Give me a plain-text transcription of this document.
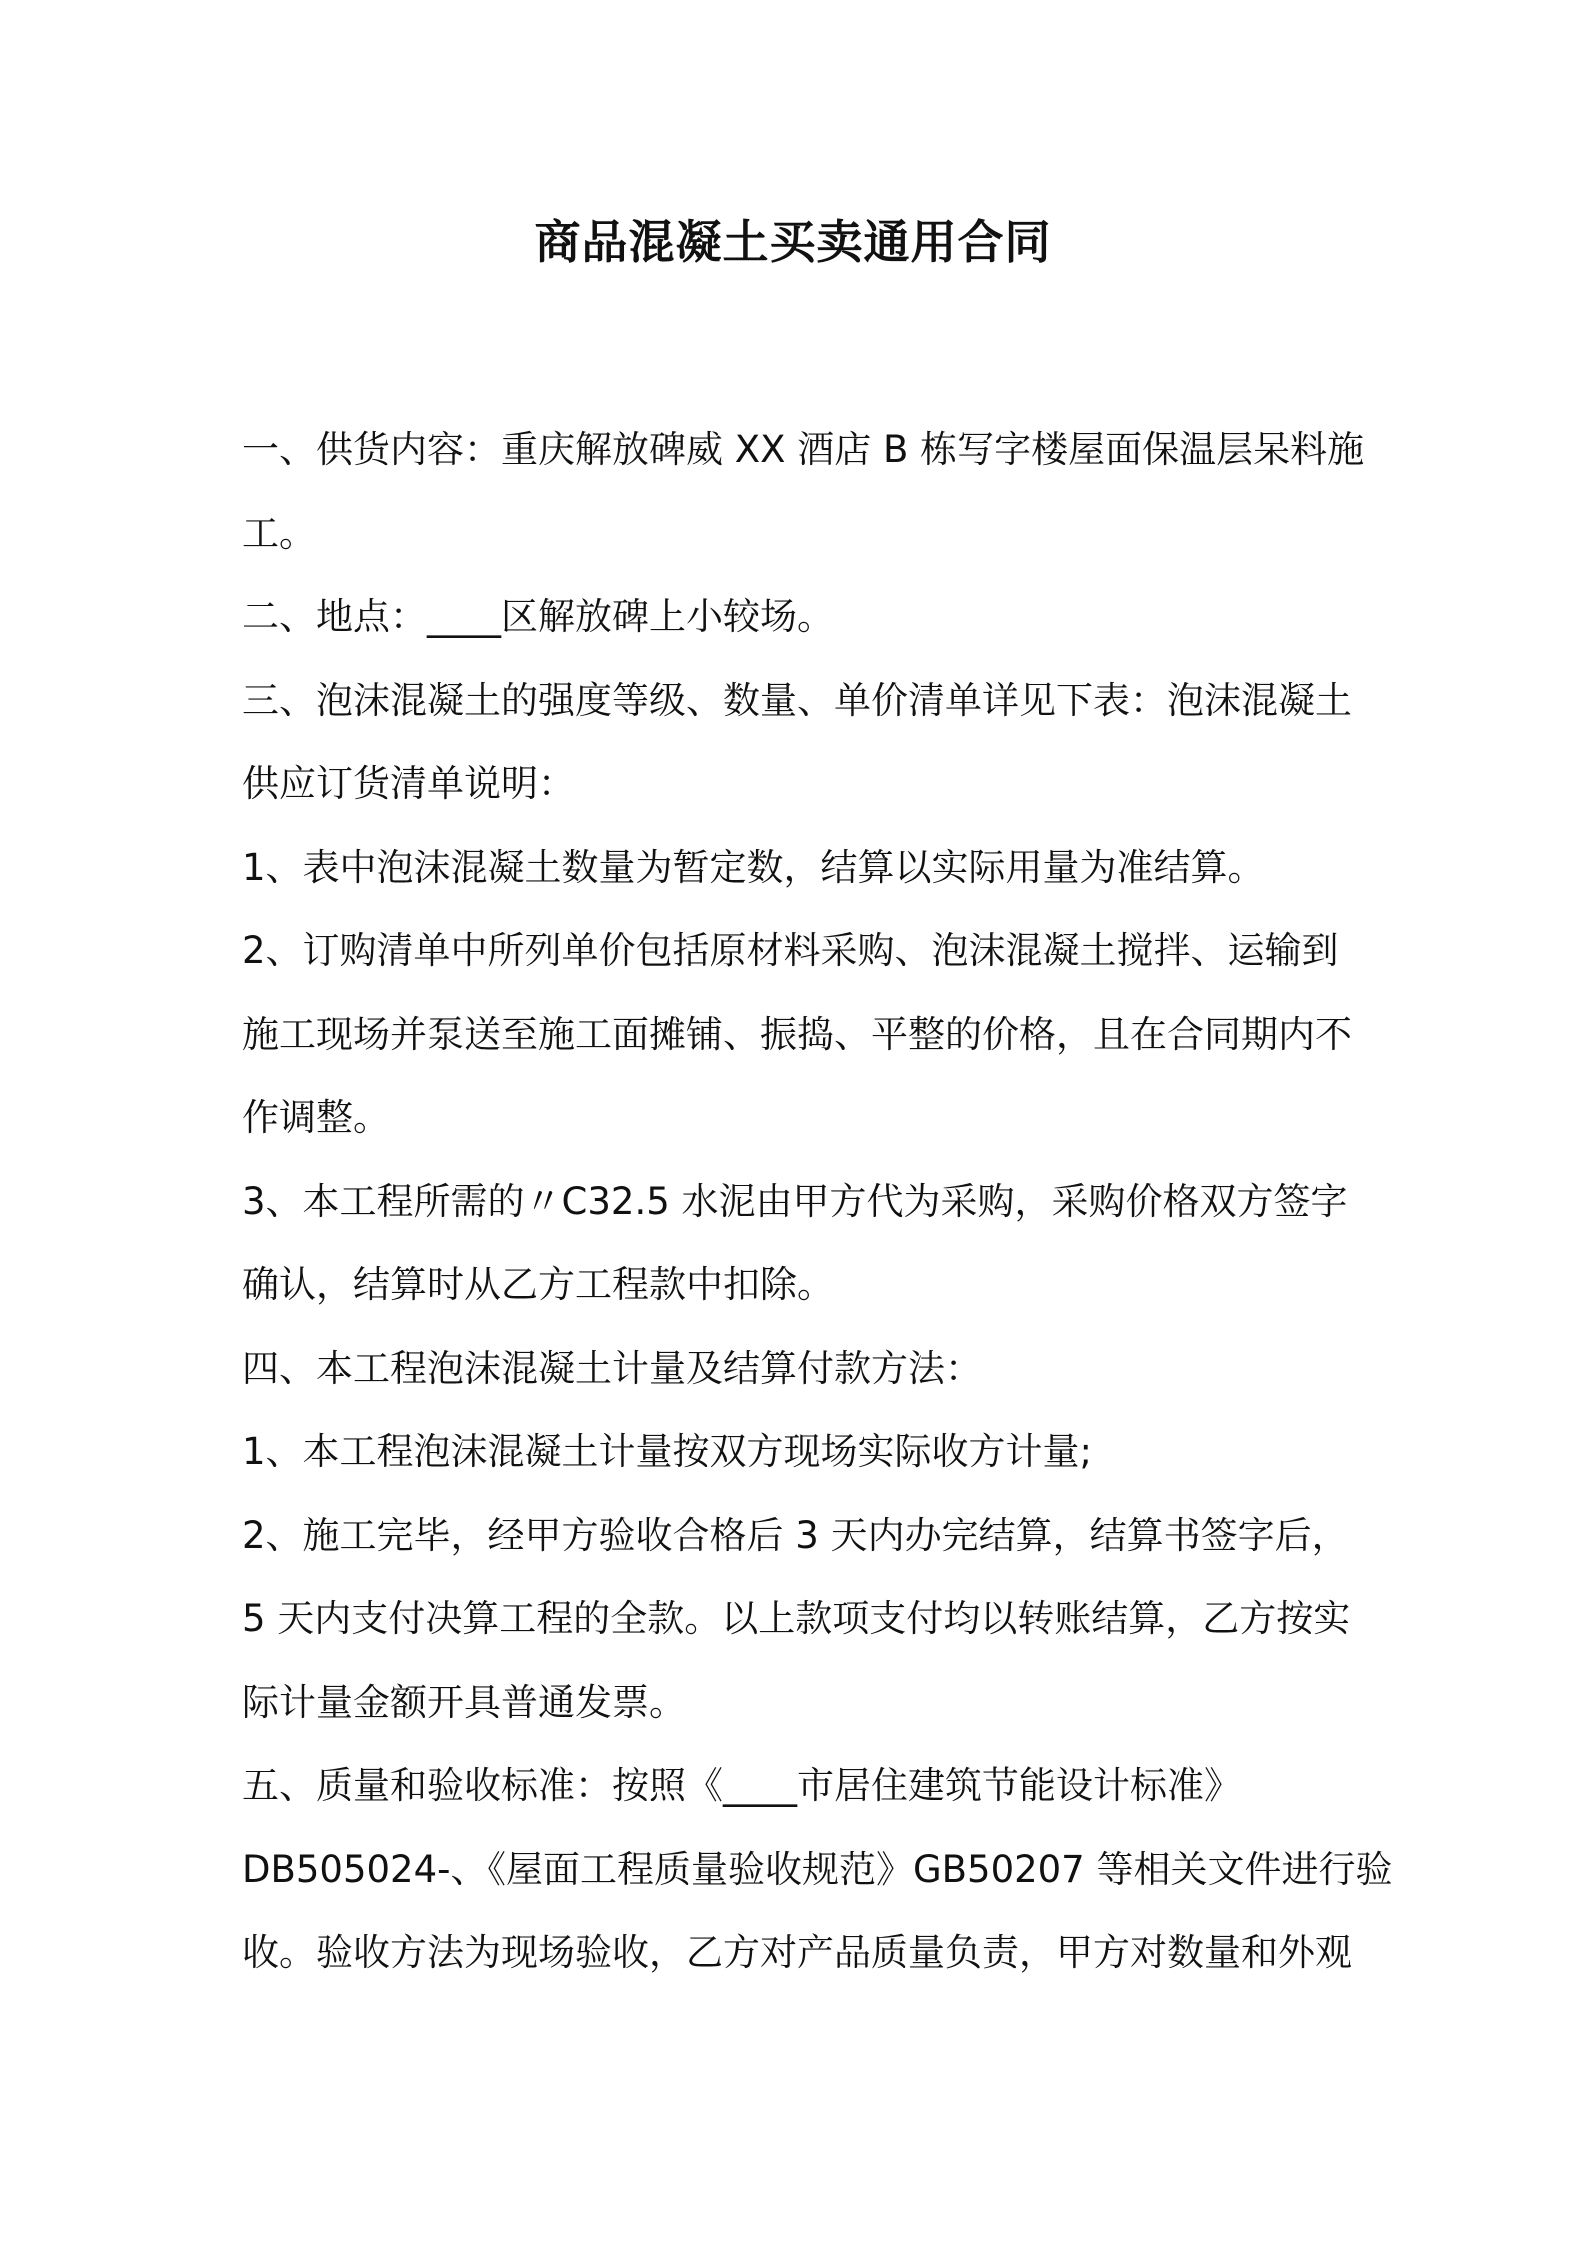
商品混凝土买卖通用合同

一、供货内容：重庆解放碑威 XX 酒店 B 栋写字楼屋面保温层呆料施

工。

二、地点：____区解放碑上小较场。

三、泡沫混凝土的强度等级、数量、单价清单详见下表：泡沫混凝土

供应订货清单说明：

1、表中泡沫混凝土数量为暂定数，结算以实际用量为准结算。

2、订购清单中所列单价包括原材料采购、泡沫混凝土搅拌、运输到

施工现场并泵送至施工面摊铺、振捣、平整的价格，且在合同期内不

作调整。

3、本工程所需的〃C32.5 水泥由甲方代为采购，采购价格双方签字

确认，结算时从乙方工程款中扣除。

四、本工程泡沫混凝土计量及结算付款方法：

1、本工程泡沫混凝土计量按双方现场实际收方计量;

2、施工完毕，经甲方验收合格后 3 天内办完结算，结算书签字后，

5 天内支付决算工程的全款。以上款项支付均以转账结算，乙方按实

际计量金额开具普通发票。

五、质量和验收标准：按照《____市居住建筑节能设计标准》

DB505024-、《屋面工程质量验收规范》GB50207 等相关文件进行验

收。验收方法为现场验收，乙方对产品质量负责，甲方对数量和外观
